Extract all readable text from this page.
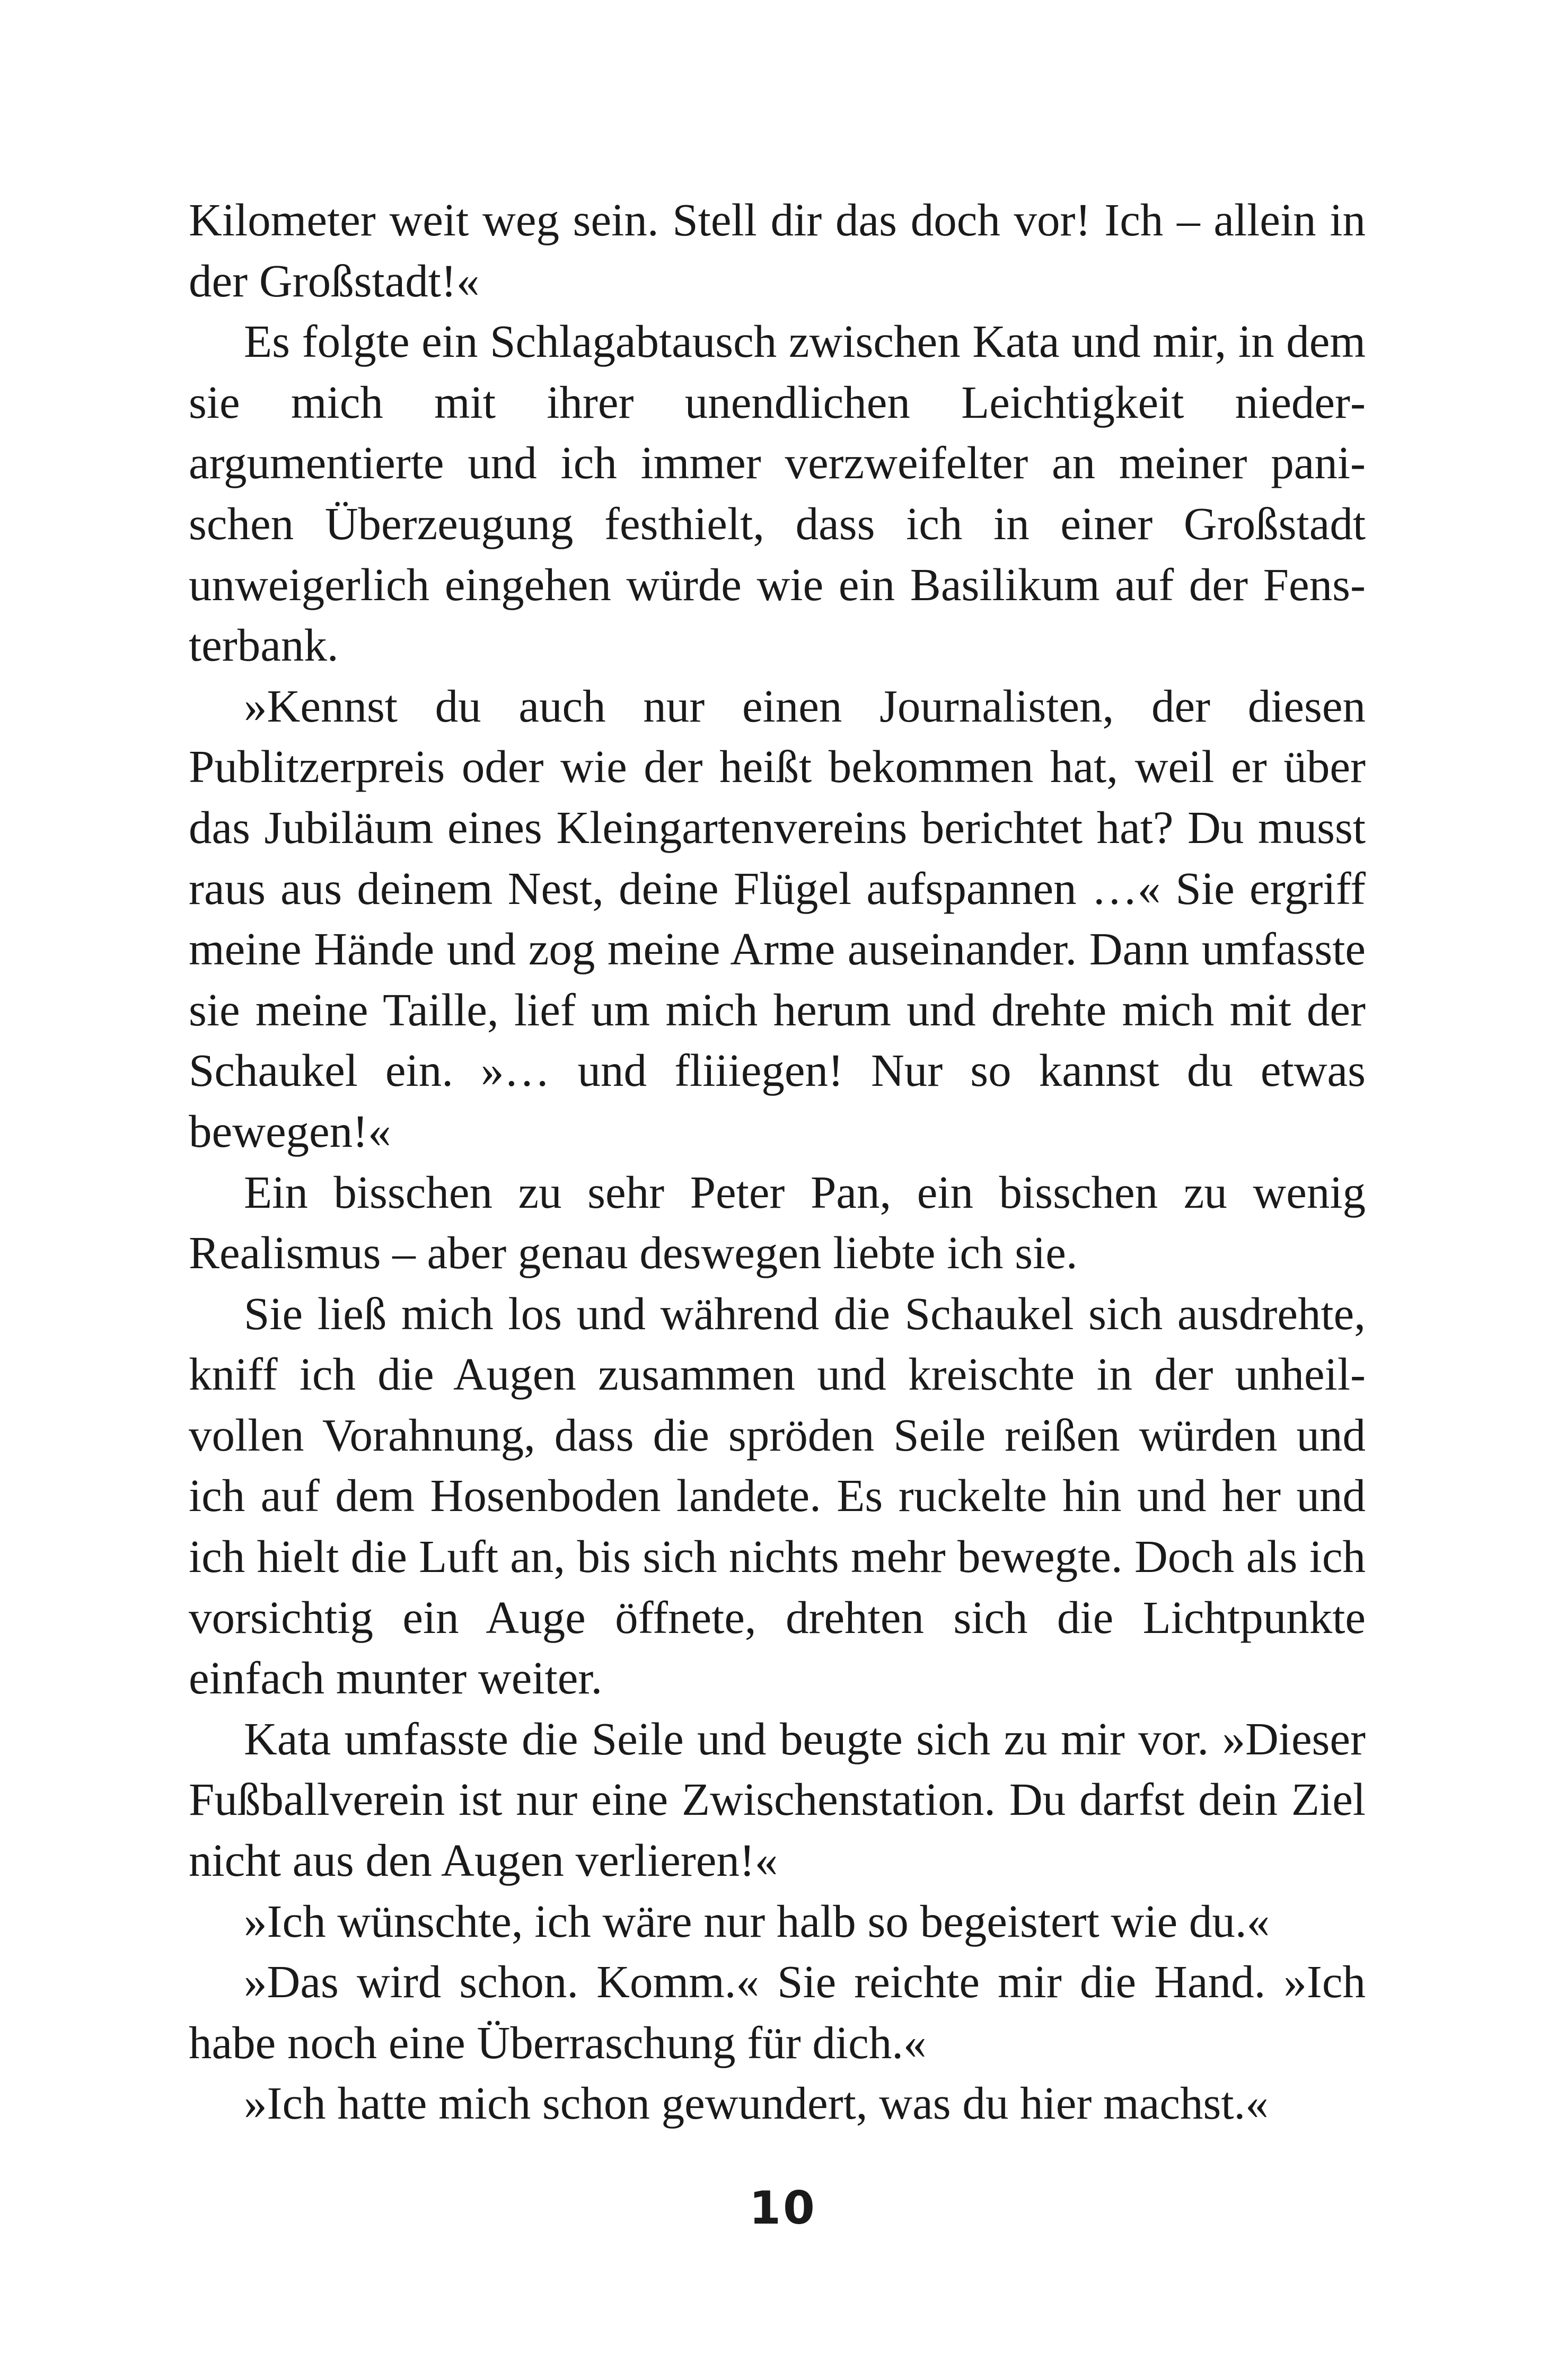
Kilometer weit weg sein. Stell dir das doch vor! Ich – allein in der Großstadt!«

Es folgte ein Schlagabtausch zwischen Kata und mir, in dem sie mich mit ihrer unendlichen Leichtigkeit niederargumentierte und ich immer verzweifelter an meiner panischen Überzeugung festhielt, dass ich in einer Großstadt unweigerlich eingehen würde wie ein Basilikum auf der Fensterbank.

»Kennst du auch nur einen Journalisten, der diesen Publitzerpreis oder wie der heißt bekommen hat, weil er über das Jubiläum eines Kleingartenvereins berichtet hat? Du musst raus aus deinem Nest, deine Flügel aufspannen …« Sie ergriff meine Hände und zog meine Arme auseinander. Dann umfasste sie meine Taille, lief um mich herum und drehte mich mit der Schaukel ein. »… und fliiiegen! Nur so kannst du etwas bewegen!«

Ein bisschen zu sehr Peter Pan, ein bisschen zu wenig Realismus – aber genau deswegen liebte ich sie.

Sie ließ mich los und während die Schaukel sich ausdrehte, kniff ich die Augen zusammen und kreischte in der unheilvollen Vorahnung, dass die spröden Seile reißen würden und ich auf dem Hosenboden landete. Es ruckelte hin und her und ich hielt die Luft an, bis sich nichts mehr bewegte. Doch als ich vorsichtig ein Auge öffnete, drehten sich die Lichtpunkte einfach munter weiter.

Kata umfasste die Seile und beugte sich zu mir vor. »Dieser Fußballverein ist nur eine Zwischenstation. Du darfst dein Ziel nicht aus den Augen verlieren!«

»Ich wünschte, ich wäre nur halb so begeistert wie du.«

»Das wird schon. Komm.« Sie reichte mir die Hand. »Ich habe noch eine Überraschung für dich.«

»Ich hatte mich schon gewundert, was du hier machst.«

10
